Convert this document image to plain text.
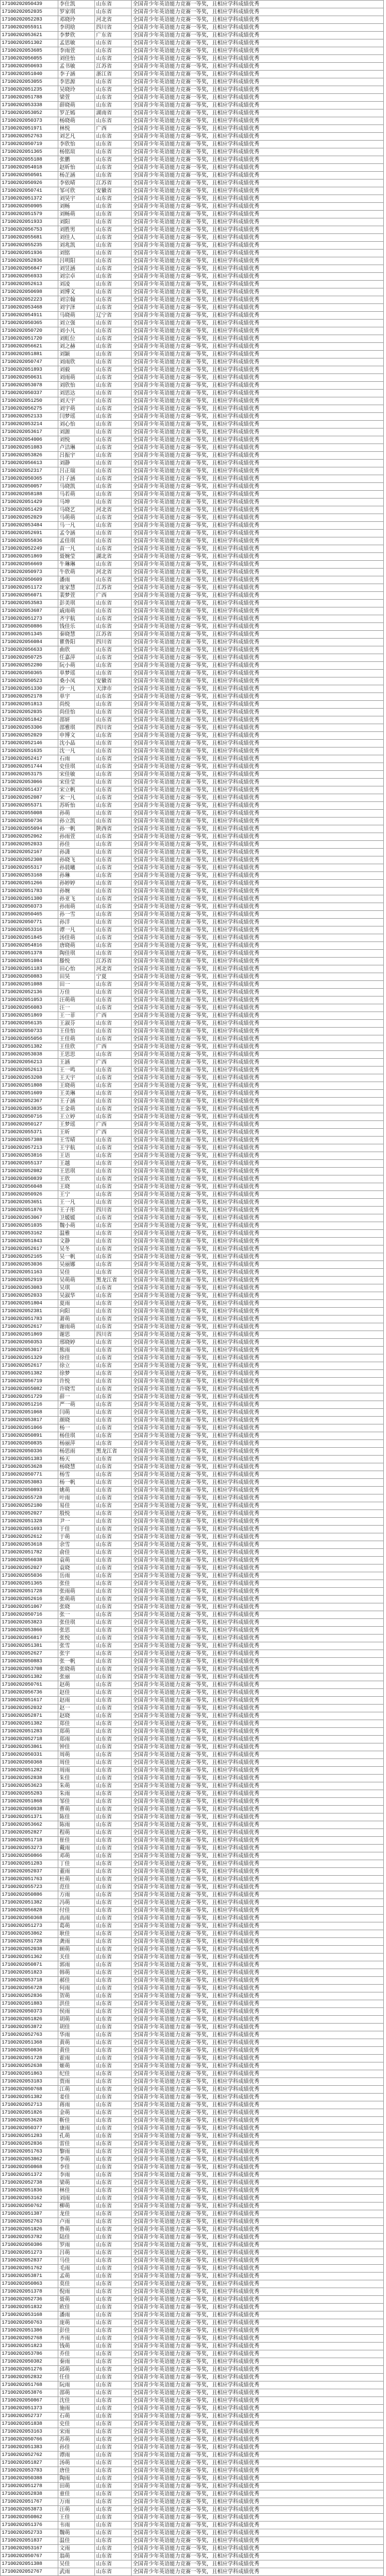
17100202050439	李仕凯	山东省	全国青少年英语能力竞赛一等奖，且相应学科成绩优秀
17100202052035	罗家琪	山东省	全国青少年英语能力竞赛一等奖，且相应学科成绩优秀
17100202052283	邓晓玲	河北省	全国青少年英语能力竞赛一等奖，且相应学科成绩优秀
17100202055911	李玥晗	四川省	全国青少年英语能力竞赛一等奖，且相应学科成绩优秀
17100202053621	李梦欣	广东省	全国青少年英语能力竞赛一等奖，且相应学科成绩优秀
17100202051302	孟思敏	山东省	全国青少年英语能力竞赛一等奖，且相应学科成绩优秀
17100202053685	李雨萱	山东省	全国青少年英语能力竞赛一等奖，且相应学科成绩优秀
17100202056055	刘佳怡	山东省	全国青少年英语能力竞赛一等奖，且相应学科成绩优秀
17100202050693	孟书敏	江苏省	全国青少年英语能力竞赛一等奖，且相应学科成绩优秀
17100202051040	李子涵	浙江省	全国青少年英语能力竞赛一等奖，且相应学科成绩优秀
17100202053055	李思源	山东省	全国青少年英语能力竞赛一等奖，且相应学科成绩优秀
17100202051235	吴晓玲	山东省	全国青少年英语能力竞赛一等奖，且相应学科成绩优秀
17100202051788	梁萱	山东省	全国青少年英语能力竞赛一等奖，且相应学科成绩优秀
17100202053338	薛晓萌	山东省	全国青少年英语能力竞赛一等奖，且相应学科成绩优秀
17100202053052	罗芷嫣	湖南省	全国青少年英语能力竞赛一等奖，且相应学科成绩优秀
17100202050373	杨晓萌	山东省	全国青少年英语能力竞赛一等奖，且相应学科成绩优秀
17100202051971	林悦	广西	全国青少年英语能力竞赛一等奖，且相应学科成绩优秀
17100202052763	刘艺凡	山东省	全国青少年英语能力竞赛一等奖，且相应学科成绩优秀
17100202050719	李欣怡	山东省	全国青少年英语能力竞赛一等奖，且相应学科成绩优秀
17100202051365	杨铭瑄	山东省	全国青少年英语能力竞赛一等奖，且相应学科成绩优秀
17100202055188	张鹏	山东省	全国青少年英语能力竞赛一等奖，且相应学科成绩优秀
17100202054018	赵昕怡	山东省	全国青少年英语能力竞赛一等奖，且相应学科成绩优秀
17100202050501	杨芷涵	山东省	全国青少年英语能力竞赛一等奖，且相应学科成绩优秀
17100202050926	李依晴	江苏省	全国青少年英语能力竞赛一等奖，且相应学科成绩优秀
17100202050741	邹可欣	安徽省	全国青少年英语能力竞赛一等奖，且相应学科成绩优秀
17100202051372	刘昊宇	山东省	全国青少年英语能力竞赛一等奖，且相应学科成绩优秀
17100202050905	刘畅	山东省	全国青少年英语能力竞赛一等奖，且相应学科成绩优秀
17100202051579	刘畅萌	山东省	全国青少年英语能力竞赛一等奖，且相应学科成绩优秀
17100202051933	刘阳	山东省	全国青少年英语能力竞赛一等奖，且相应学科成绩优秀
17100202056753	刘胜男	山东省	全国青少年英语能力竞赛一等奖，且相应学科成绩优秀
17100202055681	刘佳人	山东省	全国青少年英语能力竞赛一等奖，且相应学科成绩优秀
17100202055235	刘兆凯	山东省	全国青少年英语能力竞赛一等奖，且相应学科成绩优秀
17100202051936	刘铭	山东省	全国青少年英语能力竞赛一等奖，且相应学科成绩优秀
17100202052836	吕明阳	山东省	全国青少年英语能力竞赛一等奖，且相应学科成绩优秀
17100202056847	刘昱涵	山东省	全国青少年英语能力竞赛一等奖，且相应学科成绩优秀
17100202056933	刘宗卓	山东省	全国青少年英语能力竞赛一等奖，且相应学科成绩优秀
17100202052613	刘凌	山东省	全国青少年英语能力竞赛一等奖，且相应学科成绩优秀
17100202050698	刘博文	山东省	全国青少年英语能力竞赛一等奖，且相应学科成绩优秀
17100202052223	刘宗翰	山东省	全国青少年英语能力竞赛一等奖，且相应学科成绩优秀
17100202053468	刘宇泽	山东省	全国青少年英语能力竞赛一等奖，且相应学科成绩优秀
17100202054911	马晓萌	辽宁省	全国青少年英语能力竞赛一等奖，且相应学科成绩优秀
17100202050365	刘立强	山东省	全国青少年英语能力竞赛一等奖，且相应学科成绩优秀
17100202050720	刘小凡	山东省	全国青少年英语能力竞赛一等奖，且相应学科成绩优秀
17100202051720	刘虹位	山东省	全国青少年英语能力竞赛一等奖，且相应学科成绩优秀
17100202056621	刘之赫	山东省	全国青少年英语能力竞赛一等奖，且相应学科成绩优秀
17100202051881	刘颖	山东省	全国青少年英语能力竞赛一等奖，且相应学科成绩优秀
17100202050747	刘雨欣	山东省	全国青少年英语能力竞赛一等奖，且相应学科成绩优秀
17100202051893	刘毅	山东省	全国青少年英语能力竞赛一等奖，且相应学科成绩优秀
17100202050631	刘雨萌	山东省	全国青少年英语能力竞赛一等奖，且相应学科成绩优秀
17100202053078	刘欣怡	山东省	全国青少年英语能力竞赛一等奖，且相应学科成绩优秀
17100202050337	刘思达	山东省	全国青少年英语能力竞赛一等奖，且相应学科成绩优秀
17100202051250	刘天宇	山东省	全国青少年英语能力竞赛一等奖，且相应学科成绩优秀
17100202056275	刘宇萌	山东省	全国青少年英语能力竞赛一等奖，且相应学科成绩优秀
17100202052133	闫梦瑶	山东省	全国青少年英语能力竞赛一等奖，且相应学科成绩优秀
17100202053214	刘心怡	山东省	全国青少年英语能力竞赛一等奖，且相应学科成绩优秀
17100202053617	刘源	山东省	全国青少年英语能力竞赛一等奖，且相应学科成绩优秀
17100202054006	刘悦	山东省	全国青少年英语能力竞赛一等奖，且相应学科成绩优秀
17100202051083	卢洁琳	山东省	全国青少年英语能力竞赛一等奖，且相应学科成绩优秀
17100202053826	吕振宇	山东省	全国青少年英语能力竞赛一等奖，且相应学科成绩优秀
17100202056613	刘静	山东省	全国青少年英语能力竞赛一等奖，且相应学科成绩优秀
17100202052317	吕正瑞	山东省	全国青少年英语能力竞赛一等奖，且相应学科成绩优秀
17100202050365	吕子涵	山东省	全国青少年英语能力竞赛一等奖，且相应学科成绩优秀
17100202050057	马晓凯	山东省	全国青少年英语能力竞赛一等奖，且相应学科成绩优秀
17100202058188	马若萌	山东省	全国青少年英语能力竞赛一等奖，且相应学科成绩优秀
17100202051429	马坤	山东省	全国青少年英语能力竞赛一等奖，且相应学科成绩优秀
17100202051429	马晓艺	河北省	全国青少年英语能力竞赛一等奖，且相应学科成绩优秀
17100202052029	马萌萌	山东省	全国青少年英语能力竞赛一等奖，且相应学科成绩优秀
17100202053484	马一凡	山东省	全国青少年英语能力竞赛一等奖，且相应学科成绩优秀
17100202052691	孟令涵	山东省	全国青少年英语能力竞赛一等奖，且相应学科成绩优秀
17100202055836	孟佳琪	山东省	全国青少年英语能力竞赛一等奖，且相应学科成绩优秀
17100202052249	苗一凡	山东省	全国青少年英语能力竞赛一等奖，且相应学科成绩优秀
17100202051869	聂婉莹	湖北省	全国青少年英语能力竞赛一等奖，且相应学科成绩优秀
17100202056669	牛琳琳	山东省	全国青少年英语能力竞赛一等奖，且相应学科成绩优秀
17100202050973	牛欣萌	河北省	全国青少年英语能力竞赛一等奖，且相应学科成绩优秀
17100202050609	潘雨	山东省	全国青少年英语能力竞赛一等奖，且相应学科成绩优秀
17100202051172	庞家慧	江苏省	全国青少年英语能力竞赛一等奖，且相应学科成绩优秀
17100202056071	裴梦萱	广西	全国青少年英语能力竞赛一等奖，且相应学科成绩优秀
17100202053583	彭美琪	山东省	全国青少年英语能力竞赛一等奖，且相应学科成绩优秀
17100202053687	戚雨萌	山东省	全国青少年英语能力竞赛一等奖，且相应学科成绩优秀
17100202051273	齐宇航	山东省	全国青少年英语能力竞赛一等奖，且相应学科成绩优秀
17100202050886	钱佳乐	山东省	全国青少年英语能力竞赛一等奖，且相应学科成绩优秀
17100202051345	秦晓慧	江苏省	全国青少年英语能力竞赛一等奖，且相应学科成绩优秀
17100202056084	瞿鲁阳	四川省	全国青少年英语能力竞赛一等奖，且相应学科成绩优秀
17100202056633	曲欣	山东省	全国青少年英语能力竞赛一等奖，且相应学科成绩优秀
17100202050725	任嘉萍	山东省	全国青少年英语能力竞赛一等奖，且相应学科成绩优秀
17100202052280	阮小萌	山东省	全国青少年英语能力竞赛一等奖，且相应学科成绩优秀
17100202050365	单梦瑶	山东省	全国青少年英语能力竞赛一等奖，且相应学科成绩优秀
17100202050523	桑小凤	安徽省	全国青少年英语能力竞赛一等奖，且相应学科成绩优秀
17100202051330	沙一凡	天津市	全国青少年英语能力竞赛一等奖，且相应学科成绩优秀
17100202052178	单宇	山东省	全国青少年英语能力竞赛一等奖，且相应学科成绩优秀
17100202051813	尚悦	山东省	全国青少年英语能力竞赛一等奖，且相应学科成绩优秀
17100202052035	尚佳怡	山东省	全国青少年英语能力竞赛一等奖，且相应学科成绩优秀
17100202051842	邵妍	山东省	全国青少年英语能力竞赛一等奖，且相应学科成绩优秀
17100202053306	邵雅琪	四川省	全国青少年英语能力竞赛一等奖，且相应学科成绩优秀
17100202052029	申博文	山东省	全国青少年英语能力竞赛一等奖，且相应学科成绩优秀
17100202052146	沈小晶	山东省	全国青少年英语能力竞赛一等奖，且相应学科成绩优秀
17100202051635	沈一凡	山东省	全国青少年英语能力竞赛一等奖，且相应学科成绩优秀
17100202052417	石雨	山东省	全国青少年英语能力竞赛一等奖，且相应学科成绩优秀
17100202051744	史佳琪	山东省	全国青少年英语能力竞赛一等奖，且相应学科成绩优秀
17100202053175	宋佳敏	山东省	全国青少年英语能力竞赛一等奖，且相应学科成绩优秀
17100202053066	宋佳莹	山东省	全国青少年英语能力竞赛一等奖，且相应学科成绩优秀
17100202051437	宋立帆	山东省	全国青少年英语能力竞赛一等奖，且相应学科成绩优秀
17100202052087	宋一凡	山东省	全国青少年英语能力竞赛一等奖，且相应学科成绩优秀
17100202055371	苏昕怡	山东省	全国青少年英语能力竞赛一等奖，且相应学科成绩优秀
17100202055008	孙萌	山东省	全国青少年英语能力竞赛一等奖，且相应学科成绩优秀
17100202050736	孙立凯	山东省	全国青少年英语能力竞赛一等奖，且相应学科成绩优秀
17100202055094	孙一帆	陕西省	全国青少年英语能力竞赛一等奖，且相应学科成绩优秀
17100202052062	孙雨萱	山东省	全国青少年英语能力竞赛一等奖，且相应学科成绩优秀
17100202052033	孙佳	山东省	全国青少年英语能力竞赛一等奖，且相应学科成绩优秀
17100202052167	孙潇	山东省	全国青少年英语能力竞赛一等奖，且相应学科成绩优秀
17100202052308	孙晓飞	山东省	全国青少年英语能力竞赛一等奖，且相应学科成绩优秀
17100202055317	孙晨曦	山东省	全国青少年英语能力竞赛一等奖，且相应学科成绩优秀
17100202053168	孙琳	山东省	全国青少年英语能力竞赛一等奖，且相应学科成绩优秀
17100202051266	孙婷婷	山东省	全国青少年英语能力竞赛一等奖，且相应学科成绩优秀
17100202051783	孙婉	山东省	全国青少年英语能力竞赛一等奖，且相应学科成绩优秀
17100202051380	孙亚飞	山东省	全国青少年英语能力竞赛一等奖，且相应学科成绩优秀
17100202050373	孙雨萌	山东省	全国青少年英语能力竞赛一等奖，且相应学科成绩优秀
17100202050465	孙一雪	山东省	全国青少年英语能力竞赛一等奖，且相应学科成绩优秀
17100202050771	孙洋	山东省	全国青少年英语能力竞赛一等奖，且相应学科成绩优秀
17100202053316	谭一凡	山东省	全国青少年英语能力竞赛一等奖，且相应学科成绩优秀
17100202051845	汤佳萌	山东省	全国青少年英语能力竞赛一等奖，且相应学科成绩优秀
17100202054816	唐晓萌	山东省	全国青少年英语能力竞赛一等奖，且相应学科成绩优秀
17100202051378	陶佳琪	山东省	全国青少年英语能力竞赛一等奖，且相应学科成绩优秀
17100202051084	滕悦	江苏省	全国青少年英语能力竞赛一等奖，且相应学科成绩优秀
17100202051183	田心怡	河北省	全国青少年英语能力竞赛一等奖，且相应学科成绩优秀
17100202050883	田昊	宁夏	全国青少年英语能力竞赛一等奖，且相应学科成绩优秀
17100202051088	田一	山东省	全国青少年英语能力竞赛一等奖，且相应学科成绩优秀
17100202052136	万佳	山东省	全国青少年英语能力竞赛一等奖，且相应学科成绩优秀
17100202051053	汪萌萌	山东省	全国青少年英语能力竞赛一等奖，且相应学科成绩优秀
17100202056083	汪一	山东省	全国青少年英语能力竞赛一等奖，且相应学科成绩优秀
17100202051869	王一菲	广西	全国青少年英语能力竞赛一等奖，且相应学科成绩优秀
17100202056135	王淑芬	山东省	全国青少年英语能力竞赛一等奖，且相应学科成绩优秀
17100202050733	王佳怡	山东省	全国青少年英语能力竞赛一等奖，且相应学科成绩优秀
17100202055056	王佳萌	山东省	全国青少年英语能力竞赛一等奖，且相应学科成绩优秀
17100202051382	王佳欣	广西	全国青少年英语能力竞赛一等奖，且相应学科成绩优秀
17100202053038	王思思	山东省	全国青少年英语能力竞赛一等奖，且相应学科成绩优秀
17100202056213	王涵	广西	全国青少年英语能力竞赛一等奖，且相应学科成绩优秀
17100202052613	王一鸣	山东省	全国青少年英语能力竞赛一等奖，且相应学科成绩优秀
17100202053208	王天宇	山东省	全国青少年英语能力竞赛一等奖，且相应学科成绩优秀
17100202051808	王晓萌	山东省	全国青少年英语能力竞赛一等奖，且相应学科成绩优秀
17100202051609	王美琳	山东省	全国青少年英语能力竞赛一等奖，且相应学科成绩优秀
17100202052367	王子涵	山东省	全国青少年英语能力竞赛一等奖，且相应学科成绩优秀
17100202053835	王金萌	山东省	全国青少年英语能力竞赛一等奖，且相应学科成绩优秀
17100202050716	王立婷	山东省	全国青少年英语能力竞赛一等奖，且相应学科成绩优秀
17100202050127	王梦瑶	广西	全国青少年英语能力竞赛一等奖，且相应学科成绩优秀
17100202055371	王昕	广西	全国青少年英语能力竞赛一等奖，且相应学科成绩优秀
17100202057388	王雪晴	山东省	全国青少年英语能力竞赛一等奖，且相应学科成绩优秀
17100202057213	王宇航	山东省	全国青少年英语能力竞赛一等奖，且相应学科成绩优秀
17100202053816	王语	山东省	全国青少年英语能力竞赛一等奖，且相应学科成绩优秀
17100202055137	王越	山东省	全国青少年英语能力竞赛一等奖，且相应学科成绩优秀
17100202052082	王思琪	山东省	全国青少年英语能力竞赛一等奖，且相应学科成绩优秀
17100202050839	王欣	山东省	全国青少年英语能力竞赛一等奖，且相应学科成绩优秀
17100202056048	王晓	山东省	全国青少年英语能力竞赛一等奖，且相应学科成绩优秀
17100202050926	王宁	山东省	全国青少年英语能力竞赛一等奖，且相应学科成绩优秀
17100202053651	王一凡	山东省	全国青少年英语能力竞赛一等奖，且相应学科成绩优秀
17100202051876	王子彤	四川省	全国青少年英语能力竞赛一等奖，且相应学科成绩优秀
17100202053067	卫媛媛	山东省	全国青少年英语能力竞赛一等奖，且相应学科成绩优秀
17100202051035	魏小萌	山东省	全国青少年英语能力竞赛一等奖，且相应学科成绩优秀
17100202053162	温雅	山东省	全国青少年英语能力竞赛一等奖，且相应学科成绩优秀
17100202051843	文静	山东省	全国青少年英语能力竞赛一等奖，且相应学科成绩优秀
17100202052617	吴冬	山东省	全国青少年英语能力竞赛一等奖，且相应学科成绩优秀
17100202052165	吴一帆	山东省	全国青少年英语能力竞赛一等奖，且相应学科成绩优秀
17100202053036	吴丽娜	山东省	全国青少年英语能力竞赛一等奖，且相应学科成绩优秀
17100202051163	吴佳	山东省	全国青少年英语能力竞赛一等奖，且相应学科成绩优秀
17100202052919	吴萌萌	黑龙江省	全国青少年英语能力竞赛一等奖，且相应学科成绩优秀
17100202053083	吴琪	山东省	全国青少年英语能力竞赛一等奖，且相应学科成绩优秀
17100202052033	吴淑华	山东省	全国青少年英语能力竞赛一等奖，且相应学科成绩优秀
17100202051804	夏雨	山东省	全国青少年英语能力竞赛一等奖，且相应学科成绩优秀
17100202052381	向阳	山东省	全国青少年英语能力竞赛一等奖，且相应学科成绩优秀
17100202051783	萧萌	山东省	全国青少年英语能力竞赛一等奖，且相应学科成绩优秀
17100202052617	谢雨萌	山东省	全国青少年英语能力竞赛一等奖，且相应学科成绩优秀
17100202051869	谢思	四川省	全国青少年英语能力竞赛一等奖，且相应学科成绩优秀
17100202050353	邢晓婷	山东省	全国青少年英语能力竞赛一等奖，且相应学科成绩优秀
17100202053017	熊雨	山东省	全国青少年英语能力竞赛一等奖，且相应学科成绩优秀
17100202051329	徐佳	山东省	全国青少年英语能力竞赛一等奖，且相应学科成绩优秀
17100202052617	徐立	山东省	全国青少年英语能力竞赛一等奖，且相应学科成绩优秀
17100202051382	徐梦	山东省	全国青少年英语能力竞赛一等奖，且相应学科成绩优秀
17100202056719	许悦	山东省	全国青少年英语能力竞赛一等奖，且相应学科成绩优秀
17100202055082	许晓雪	山东省	全国青少年英语能力竞赛一等奖，且相应学科成绩优秀
17100202051729	薛一	山东省	全国青少年英语能力竞赛一等奖，且相应学科成绩优秀
17100202051216	严一萌	山东省	全国青少年英语能力竞赛一等奖，且相应学科成绩优秀
17100202051068	闫萌	山东省	全国青少年英语能力竞赛一等奖，且相应学科成绩优秀
17100202053817	颜晓	山东省	全国青少年英语能力竞赛一等奖，且相应学科成绩优秀
17100202051066	杨一	山东省	全国青少年英语能力竞赛一等奖，且相应学科成绩优秀
17100202050891	杨佳琪	山东省	全国青少年英语能力竞赛一等奖，且相应学科成绩优秀
17100202050835	杨丽萍	山东省	全国青少年英语能力竞赛一等奖，且相应学科成绩优秀
17100202050336	杨思雨	黑龙江省	全国青少年英语能力竞赛一等奖，且相应学科成绩优秀
17100202051383	杨天	山东省	全国青少年英语能力竞赛一等奖，且相应学科成绩优秀
17100202053628	杨晓慧	山东省	全国青少年英语能力竞赛一等奖，且相应学科成绩优秀
17100202050771	杨雪	山东省	全国青少年英语能力竞赛一等奖，且相应学科成绩优秀
17100202053083	杨一帆	山东省	全国青少年英语能力竞赛一等奖，且相应学科成绩优秀
17100202050893	姚萌	山东省	全国青少年英语能力竞赛一等奖，且相应学科成绩优秀
17100202055728	叶雨	山东省	全国青少年英语能力竞赛一等奖，且相应学科成绩优秀
17100202052180	易佳	山东省	全国青少年英语能力竞赛一等奖，且相应学科成绩优秀
17100202052027	殷悦	山东省	全国青少年英语能力竞赛一等奖，且相应学科成绩优秀
17100202051328	尹一	山东省	全国青少年英语能力竞赛一等奖，且相应学科成绩优秀
17100202051693	于佳	山东省	全国青少年英语能力竞赛一等奖，且相应学科成绩优秀
17100202052612	于萌	山东省	全国青少年英语能力竞赛一等奖，且相应学科成绩优秀
17100202053618	余雪	山东省	全国青少年英语能力竞赛一等奖，且相应学科成绩优秀
17100202051782	俞佳	山东省	全国青少年英语能力竞赛一等奖，且相应学科成绩优秀
17100202056038	袁萌	山东省	全国青少年英语能力竞赛一等奖，且相应学科成绩优秀
17100202052027	袁晓	山东省	全国青少年英语能力竞赛一等奖，且相应学科成绩优秀
17100202055036	岳雨	山东省	全国青少年英语能力竞赛一等奖，且相应学科成绩优秀
17100202051365	张佳	山东省	全国青少年英语能力竞赛一等奖，且相应学科成绩优秀
17100202051728	张雨萌	山东省	全国青少年英语能力竞赛一等奖，且相应学科成绩优秀
17100202052616	张萌萌	山东省	全国青少年英语能力竞赛一等奖，且相应学科成绩优秀
17100202051067	张晓	山东省	全国青少年英语能力竞赛一等奖，且相应学科成绩优秀
17100202050716	张一	山东省	全国青少年英语能力竞赛一等奖，且相应学科成绩优秀
17100202053823	张佳琪	山东省	全国青少年英语能力竞赛一等奖，且相应学科成绩优秀
17100202053866	张思	山东省	全国青少年英语能力竞赛一等奖，且相应学科成绩优秀
17100202056817	张悦	山东省	全国青少年英语能力竞赛一等奖，且相应学科成绩优秀
17100202051381	张雪	山东省	全国青少年英语能力竞赛一等奖，且相应学科成绩优秀
17100202052627	张宇	山东省	全国青少年英语能力竞赛一等奖，且相应学科成绩优秀
17100202050883	张一帆	山东省	全国青少年英语能力竞赛一等奖，且相应学科成绩优秀
17100202053708	张晓萌	山东省	全国青少年英语能力竞赛一等奖，且相应学科成绩优秀
17100202051382	张丽	山东省	全国青少年英语能力竞赛一等奖，且相应学科成绩优秀
17100202050761	赵萌	山东省	全国青少年英语能力竞赛一等奖，且相应学科成绩优秀
17100202056736	赵佳	山东省	全国青少年英语能力竞赛一等奖，且相应学科成绩优秀
17100202051617	赵雨	山东省	全国青少年英语能力竞赛一等奖，且相应学科成绩优秀
17100202052032	赵一	山东省	全国青少年英语能力竞赛一等奖，且相应学科成绩优秀
17100202052871	赵晓	山东省	全国青少年英语能力竞赛一等奖，且相应学科成绩优秀
17100202051382	郑佳	山东省	全国青少年英语能力竞赛一等奖，且相应学科成绩优秀
17100202051283	郑萌	山东省	全国青少年英语能力竞赛一等奖，且相应学科成绩优秀
17100202052718	郑雨	山东省	全国青少年英语能力竞赛一等奖，且相应学科成绩优秀
17100202053861	钟佳	山东省	全国青少年英语能力竞赛一等奖，且相应学科成绩优秀
17100202050331	周萌	山东省	全国青少年英语能力竞赛一等奖，且相应学科成绩优秀
17100202050368	周佳	山东省	全国青少年英语能力竞赛一等奖，且相应学科成绩优秀
17100202051282	周雨	山东省	全国青少年英语能力竞赛一等奖，且相应学科成绩优秀
17100202052838	朱佳	山东省	全国青少年英语能力竞赛一等奖，且相应学科成绩优秀
17100202053623	朱萌	山东省	全国青少年英语能力竞赛一等奖，且相应学科成绩优秀
17100202055283	朱雨	山东省	全国青少年英语能力竞赛一等奖，且相应学科成绩优秀
17100202051868	邹佳	山东省	全国青少年英语能力竞赛一等奖，且相应学科成绩优秀
17100202050938	曹萌	山东省	全国青少年英语能力竞赛一等奖，且相应学科成绩优秀
17100202051371	陈佳	山东省	全国青少年英语能力竞赛一等奖，且相应学科成绩优秀
17100202053662	陈雨	山东省	全国青少年英语能力竞赛一等奖，且相应学科成绩优秀
17100202052827	程萌	山东省	全国青少年英语能力竞赛一等奖，且相应学科成绩优秀
17100202051718	崔佳	山东省	全国青少年英语能力竞赛一等奖，且相应学科成绩优秀
17100202053273	戴雨	山东省	全国青少年英语能力竞赛一等奖，且相应学科成绩优秀
17100202050866	邓萌	山东省	全国青少年英语能力竞赛一等奖，且相应学科成绩优秀
17100202051283	丁佳	山东省	全国青少年英语能力竞赛一等奖，且相应学科成绩优秀
17100202052037	董雨	山东省	全国青少年英语能力竞赛一等奖，且相应学科成绩优秀
17100202051763	杜萌	山东省	全国青少年英语能力竞赛一等奖，且相应学科成绩优秀
17100202055723	范佳	山东省	全国青少年英语能力竞赛一等奖，且相应学科成绩优秀
17100202050886	方雨	山东省	全国青少年英语能力竞赛一等奖，且相应学科成绩优秀
17100202051382	冯萌	山东省	全国青少年英语能力竞赛一等奖，且相应学科成绩优秀
17100202056828	付佳	山东省	全国青少年英语能力竞赛一等奖，且相应学科成绩优秀
17100202050368	高雨	山东省	全国青少年英语能力竞赛一等奖，且相应学科成绩优秀
17100202051273	葛萌	山东省	全国青少年英语能力竞赛一等奖，且相应学科成绩优秀
17100202053862	耿佳	山东省	全国青少年英语能力竞赛一等奖，且相应学科成绩优秀
17100202051728	龚雨	山东省	全国青少年英语能力竞赛一等奖，且相应学科成绩优秀
17100202052038	顾萌	山东省	全国青少年英语能力竞赛一等奖，且相应学科成绩优秀
17100202051362	关佳	山东省	全国青少年英语能力竞赛一等奖，且相应学科成绩优秀
17100202050871	郭雨	山东省	全国青少年英语能力竞赛一等奖，且相应学科成绩优秀
17100202051823	韩萌	山东省	全国青少年英语能力竞赛一等奖，且相应学科成绩优秀
17100202053718	郝佳	山东省	全国青少年英语能力竞赛一等奖，且相应学科成绩优秀
17100202056728	何雨	山东省	全国青少年英语能力竞赛一等奖，且相应学科成绩优秀
17100202052836	贺萌	山东省	全国青少年英语能力竞赛一等奖，且相应学科成绩优秀
17100202051883	洪佳	山东省	全国青少年英语能力竞赛一等奖，且相应学科成绩优秀
17100202050373	侯雨	山东省	全国青少年英语能力竞赛一等奖，且相应学科成绩优秀
17100202051826	胡萌	山东省	全国青少年英语能力竞赛一等奖，且相应学科成绩优秀
17100202053872	胡佳	山东省	全国青少年英语能力竞赛一等奖，且相应学科成绩优秀
17100202052763	华雨	山东省	全国青少年英语能力竞赛一等奖，且相应学科成绩优秀
17100202051368	黄萌	山东省	全国青少年英语能力竞赛一等奖，且相应学科成绩优秀
17100202050836	黄佳	山东省	全国青少年英语能力竞赛一等奖，且相应学科成绩优秀
17100202051728	霍雨	山东省	全国青少年英语能力竞赛一等奖，且相应学科成绩优秀
17100202052638	姬萌	山东省	全国青少年英语能力竞赛一等奖，且相应学科成绩优秀
17100202051863	纪佳	山东省	全国青少年英语能力竞赛一等奖，且相应学科成绩优秀
17100202053183	贾雨	山东省	全国青少年英语能力竞赛一等奖，且相应学科成绩优秀
17100202050768	江萌	山东省	全国青少年英语能力竞赛一等奖，且相应学科成绩优秀
17100202051382	姜佳	山东省	全国青少年英语能力竞赛一等奖，且相应学科成绩优秀
17100202052713	蒋雨	山东省	全国青少年英语能力竞赛一等奖，且相应学科成绩优秀
17100202051826	金萌	山东省	全国青少年英语能力竞赛一等奖，且相应学科成绩优秀
17100202053628	靳佳	山东省	全国青少年英语能力竞赛一等奖，且相应学科成绩优秀
17100202050377	康雨	山东省	全国青少年英语能力竞赛一等奖，且相应学科成绩优秀
17100202051283	孔萌	山东省	全国青少年英语能力竞赛一等奖，且相应学科成绩优秀
17100202052836	雷佳	山东省	全国青少年英语能力竞赛一等奖，且相应学科成绩优秀
17100202051763	黎雨	山东省	全国青少年英语能力竞赛一等奖，且相应学科成绩优秀
17100202053862	李萌	山东省	全国青少年英语能力竞赛一等奖，且相应学科成绩优秀
17100202050868	李佳	山东省	全国青少年英语能力竞赛一等奖，且相应学科成绩优秀
17100202051372	李雨	山东省	全国青少年英语能力竞赛一等奖，且相应学科成绩优秀
17100202052738	梁萌	山东省	全国青少年英语能力竞赛一等奖，且相应学科成绩优秀
17100202051836	林佳	山东省	全国青少年英语能力竞赛一等奖，且相应学科成绩优秀
17100202053162	刘雨	山东省	全国青少年英语能力竞赛一等奖，且相应学科成绩优秀
17100202050762	柳萌	山东省	全国青少年英语能力竞赛一等奖，且相应学科成绩优秀
17100202051387	龙佳	山东省	全国青少年英语能力竞赛一等奖，且相应学科成绩优秀
17100202052763	卢雨	山东省	全国青少年英语能力竞赛一等奖，且相应学科成绩优秀
17100202051826	鲁萌	山东省	全国青少年英语能力竞赛一等奖，且相应学科成绩优秀
17100202053782	陆佳	山东省	全国青少年英语能力竞赛一等奖，且相应学科成绩优秀
17100202050386	罗雨	山东省	全国青少年英语能力竞赛一等奖，且相应学科成绩优秀
17100202051273	吕萌	山东省	全国青少年英语能力竞赛一等奖，且相应学科成绩优秀
17100202052837	马佳	山东省	全国青少年英语能力竞赛一等奖，且相应学科成绩优秀
17100202051762	毛雨	山东省	全国青少年英语能力竞赛一等奖，且相应学科成绩优秀
17100202053871	孟萌	山东省	全国青少年英语能力竞赛一等奖，且相应学科成绩优秀
17100202050863	莫佳	山东省	全国青少年英语能力竞赛一等奖，且相应学科成绩优秀
17100202051378	倪雨	山东省	全国青少年英语能力竞赛一等奖，且相应学科成绩优秀
17100202052736	聂萌	山东省	全国青少年英语能力竞赛一等奖，且相应学科成绩优秀
17100202051832	欧佳	山东省	全国青少年英语能力竞赛一等奖，且相应学科成绩优秀
17100202053168	潘雨	山东省	全国青少年英语能力竞赛一等奖，且相应学科成绩优秀
17100202050763	庞萌	山东省	全国青少年英语能力竞赛一等奖，且相应学科成绩优秀
17100202051386	彭佳	山东省	全国青少年英语能力竞赛一等奖，且相应学科成绩优秀
17100202052768	齐雨	山东省	全国青少年英语能力竞赛一等奖，且相应学科成绩优秀
17100202051823	钱萌	山东省	全国青少年英语能力竞赛一等奖，且相应学科成绩优秀
17100202053786	乔佳	山东省	全国青少年英语能力竞赛一等奖，且相应学科成绩优秀
17100202050382	秦雨	山东省	全国青少年英语能力竞赛一等奖，且相应学科成绩优秀
17100202051276	邱萌	山东省	全国青少年英语能力竞赛一等奖，且相应学科成绩优秀
17100202052832	任佳	山东省	全国青少年英语能力竞赛一等奖，且相应学科成绩优秀
17100202051768	阮雨	山东省	全国青少年英语能力竞赛一等奖，且相应学科成绩优秀
17100202053876	邵萌	山东省	全国青少年英语能力竞赛一等奖，且相应学科成绩优秀
17100202050867	沈佳	山东省	全国青少年英语能力竞赛一等奖，且相应学科成绩优秀
17100202051373	施雨	山东省	全国青少年英语能力竞赛一等奖，且相应学科成绩优秀
17100202052737	石萌	山东省	全国青少年英语能力竞赛一等奖，且相应学科成绩优秀
17100202051838	史佳	山东省	全国青少年英语能力竞赛一等奖，且相应学科成绩优秀
17100202053163	宋雨	山东省	全国青少年英语能力竞赛一等奖，且相应学科成绩优秀
17100202050766	苏萌	山东省	全国青少年英语能力竞赛一等奖，且相应学科成绩优秀
17100202051383	孙佳	山东省	全国青少年英语能力竞赛一等奖，且相应学科成绩优秀
17100202052762	谭雨	山东省	全国青少年英语能力竞赛一等奖，且相应学科成绩优秀
17100202051827	汤萌	山东省	全国青少年英语能力竞赛一等奖，且相应学科成绩优秀
17100202053783	唐佳	山东省	全国青少年英语能力竞赛一等奖，且相应学科成绩优秀
17100202050388	陶雨	山东省	全国青少年英语能力竞赛一等奖，且相应学科成绩优秀
17100202051278	田萌	山东省	全国青少年英语能力竞赛一等奖，且相应学科成绩优秀
17100202052838	童佳	山东省	全国青少年英语能力竞赛一等奖，且相应学科成绩优秀
17100202051767	万雨	山东省	全国青少年英语能力竞赛一等奖，且相应学科成绩优秀
17100202053873	汪萌	山东省	全国青少年英语能力竞赛一等奖，且相应学科成绩优秀
17100202050862	王佳	山东省	全国青少年英语能力竞赛一等奖，且相应学科成绩优秀
17100202051376	韦雨	山东省	全国青少年英语能力竞赛一等奖，且相应学科成绩优秀
17100202052733	魏萌	山东省	全国青少年英语能力竞赛一等奖，且相应学科成绩优秀
17100202051837	温佳	山东省	全国青少年英语能力竞赛一等奖，且相应学科成绩优秀
17100202053167	文雨	山东省	全国青少年英语能力竞赛一等奖，且相应学科成绩优秀
17100202050767	翁萌	山东省	全国青少年英语能力竞赛一等奖，且相应学科成绩优秀
17100202051388	吴佳	山东省	全国青少年英语能力竞赛一等奖，且相应学科成绩优秀
17100202052767	武雨	山东省	全国青少年英语能力竞赛一等奖，且相应学科成绩优秀
